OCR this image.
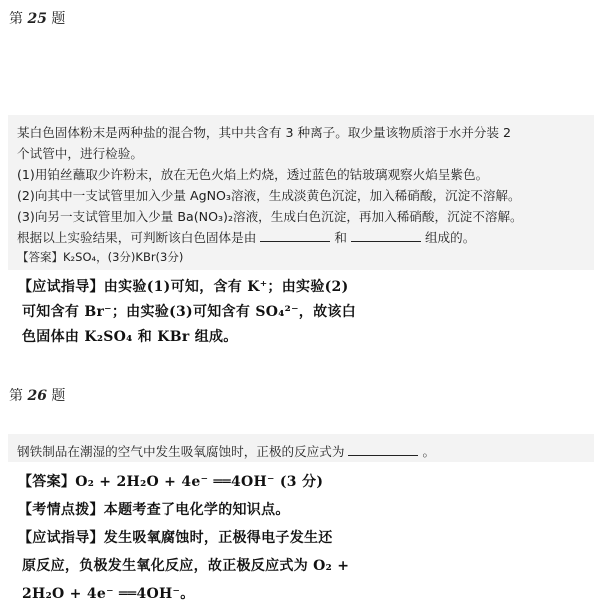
第 25 题
某白色固体粉末是两种盐的混合物，其中共含有 3 种离子。取少量该物质溶于水并分装 2
个试管中，进行检验。
(1)用铂丝蘸取少许粉末，放在无色火焰上灼烧，透过蓝色的钴玻璃观察火焰呈紫色。
(2)向其中一支试管里加入少量 AgNO₃溶液，生成淡黄色沉淀，加入稀硝酸，沉淀不溶解。
(3)向另一支试管里加入少量 Ba(NO₃)₂溶液，生成白色沉淀，再加入稀硝酸，沉淀不溶解。
根据以上实验结果，可判断该白色固体是由	和	组成的。
【答案】K₂SO₄，(3分)KBr(3分)
【应试指导】由实验(1)可知，含有 K⁺；由实验(2)
可知含有 Br⁻；由实验(3)可知含有 SO₄²⁻，故该白
色固体由 K₂SO₄ 和 KBr 组成。
第 26 题
钢铁制品在潮湿的空气中发生吸氧腐蚀时，正极的反应式为	。
【答案】O₂ + 2H₂O + 4e⁻ ══4OH⁻ (3 分)
【考情点拨】本题考查了电化学的知识点。
【应试指导】发生吸氧腐蚀时，正极得电子发生还
原反应，负极发生氧化反应，故正极反应式为 O₂ +
2H₂O + 4e⁻ ══4OH⁻。
